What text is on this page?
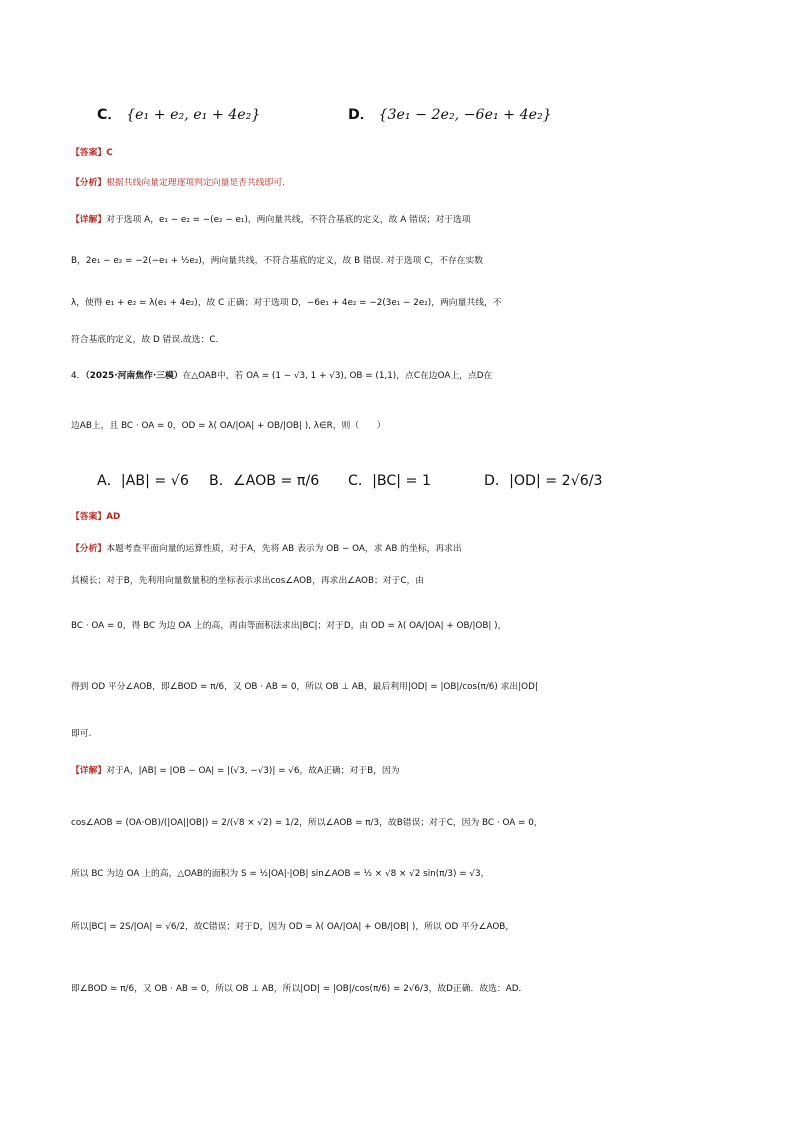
C． {e₁ + e₂, e₁ + 4e₂}	D． {3e₁ − 2e₂, −6e₁ + 4e₂}
【答案】C
【分析】根据共线向量定理逐项判定向量是否共线即可.
【详解】对于选项 A，e₁ − e₂ = −(e₂ − e₁)，两向量共线，不符合基底的定义，故 A 错误；对于选项
B，2e₁ − e₂ = −2(−e₁ + ½e₂)，两向量共线，不符合基底的定义，故 B 错误. 对于选项 C，不存在实数
λ，使得 e₁ + e₂ = λ(e₁ + 4e₂)，故 C 正确；对于选项 D，−6e₁ + 4e₂ = −2(3e₁ − 2e₂)，两向量共线，不
符合基底的定义，故 D 错误.故选：C.
4．（2025·河南焦作·三模）在△OAB中，若 OA = (1 − √3, 1 + √3), OB = (1,1)，点C在边OA上，点D在
边AB上，且 BC · OA = 0，OD = λ( OA/|OA| + OB/|OB| ), λ∈R，则（　　）
A．|AB| = √6 B．∠AOB = π/6 C．|BC| = 1	D．|OD| = 2√6/3
【答案】AD
【分析】本题考查平面向量的运算性质，对于A，先将 AB 表示为 OB − OA，求 AB 的坐标，再求出
其模长；对于B，先利用向量数量积的坐标表示求出cos∠AOB，再求出∠AOB；对于C，由
BC · OA = 0，得 BC 为边 OA 上的高，再由等面积法求出|BC|；对于D，由 OD = λ( OA/|OA| + OB/|OB| )，
得到 OD 平分∠AOB，即∠BOD = π/6，又 OB · AB = 0，所以 OB ⊥ AB，最后利用|OD| = |OB|/cos(π/6) 求出|OD|
即可.
【详解】对于A，|AB| = |OB − OA| = |(√3, −√3)| = √6，故A正确；对于B，因为
cos∠AOB = (OA·OB)/(|OA||OB|) = 2/(√8 × √2) = 1/2，所以∠AOB = π/3，故B错误；对于C，因为 BC · OA = 0，
所以 BC 为边 OA 上的高，△OAB的面积为 S = ½|OA|·|OB| sin∠AOB = ½ × √8 × √2 sin(π/3) = √3，
所以|BC| = 2S/|OA| = √6/2，故C错误；对于D，因为 OD = λ( OA/|OA| + OB/|OB| )，所以 OD 平分∠AOB，
即∠BOD = π/6，又 OB · AB = 0，所以 OB ⊥ AB，所以|OD| = |OB|/cos(π/6) = 2√6/3，故D正确．故选：AD．
